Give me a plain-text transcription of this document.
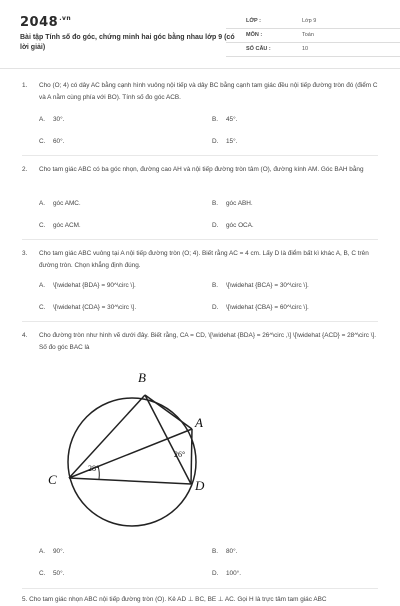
$2048^{.vn}$
Bài tập Tính số đo góc, chứng minh hai góc bằng nhau lớp 9 (có lời giải)
LỚP :	Lớp 9
MÔN :	Toán
SỐ CÂU :	10
1. Cho (O; 4) có dây AC bằng cạnh hình vuông nội tiếp và dây BC bằng cạnh tam giác đều nội tiếp đường tròn đó (điểm C và A nằm cùng phía với BO). Tính số đo góc ACB.
A. 30°.	B. 45°.
C. 60°.	D. 15°.
2. Cho tam giác ABC có ba góc nhọn, đường cao AH và nội tiếp đường tròn tâm (O), đường kính AM. Góc BAH bằng
A. góc AMC.	B. góc ABH.
C. góc ACM.	D. góc OCA.
3. Cho tam giác ABC vuông tại A nội tiếp đường tròn (O; 4). Biết rằng AC = 4 cm. Lấy D là điểm bất kì khác A, B, C trên đường tròn. Chọn khẳng định đúng.
A. \[\widehat {BDA} = 90^\circ \].	B. \[\widehat {BCA} = 30^\circ \].
C. \[\widehat {CDA} = 30^\circ \].	D. \[\widehat {CBA} = 60^\circ \].
4. Cho đường tròn như hình vẽ dưới đây. Biết rằng, CA = CD, \[\widehat {BDA} = 26^\circ ,\] \[\widehat {ACD} = 28^\circ \]. Số đo góc BAC là
B
A
C	D
26°
28°
A. 90°.	B. 80°.
C. 50°.	D. 100°.
5. Cho tam giác nhọn ABC nội tiếp đường tròn (O). Kẻ AD ⊥ BC, BE ⊥ AC. Gọi H là trực tâm tam giác ABC
